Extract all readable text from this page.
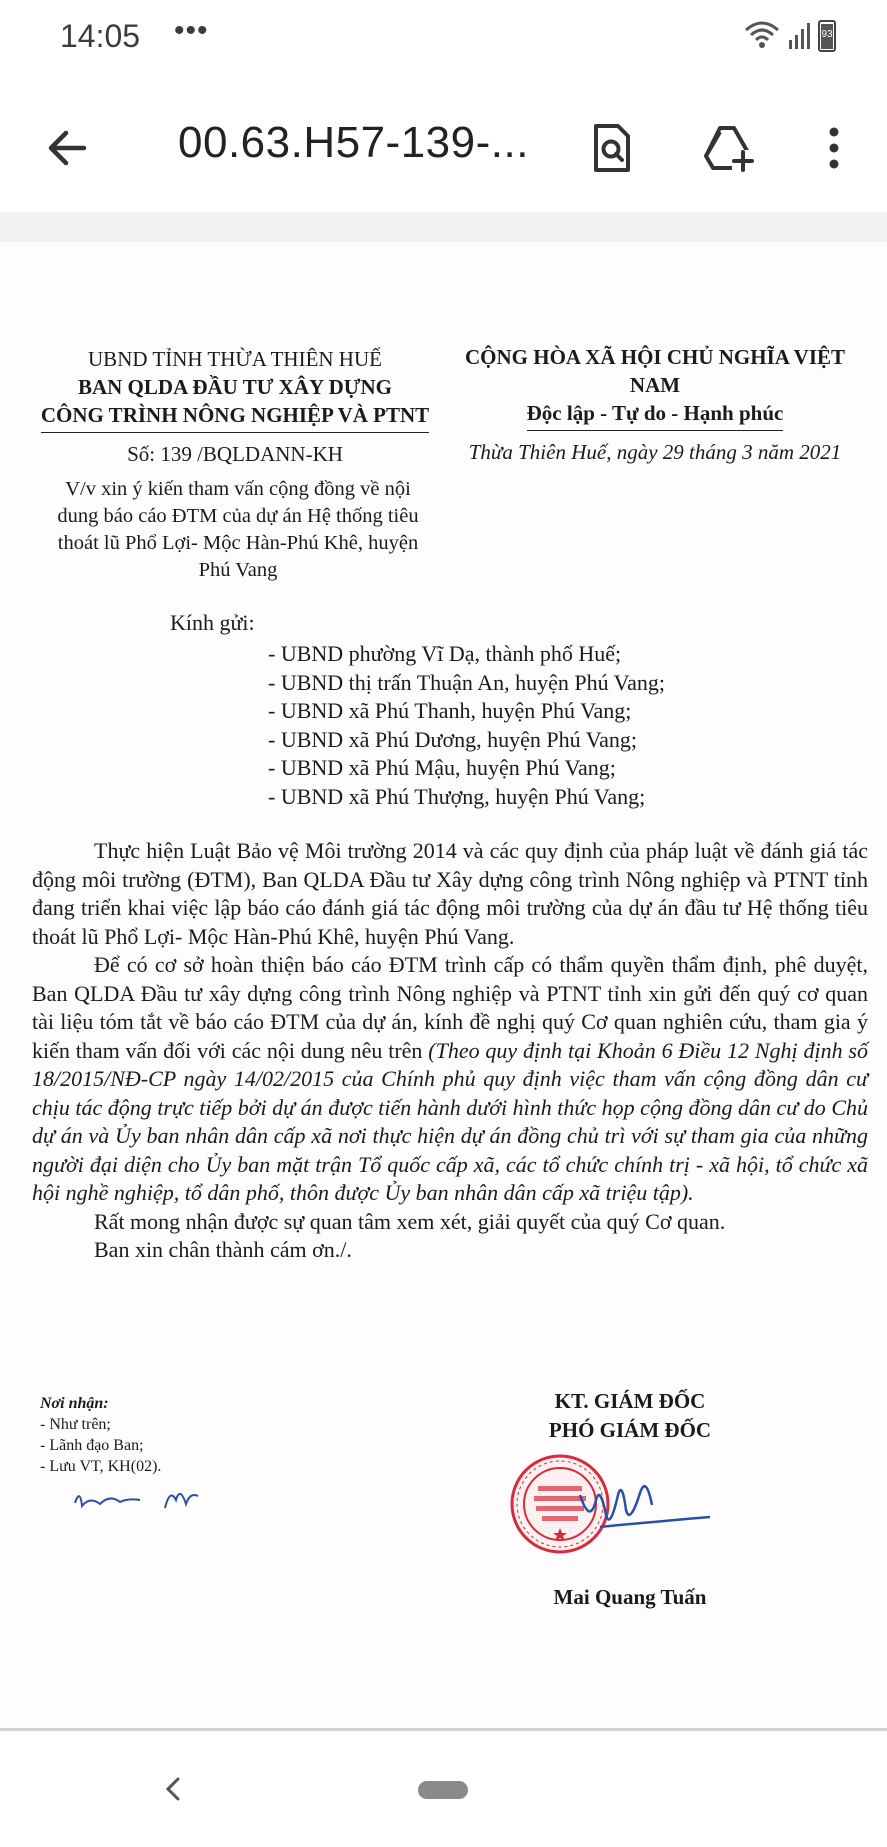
14:05 •••	93
00.63.H57-139-...
UBND TỈNH THỪA THIÊN HUẾ
BAN QLDA ĐẦU TƯ XÂY DỰNG
CÔNG TRÌNH NÔNG NGHIỆP VÀ PTNT
CỘNG HÒA XÃ HỘI CHỦ NGHĨA VIỆT NAM
Độc lập - Tự do - Hạnh phúc
Số: 139 /BQLDANN-KH	Thừa Thiên Huế, ngày 29 tháng 3 năm 2021
V/v xin ý kiến tham vấn cộng đồng về nội
dung báo cáo ĐTM của dự án Hệ thống tiêu
thoát lũ Phổ Lợi- Mộc Hàn-Phú Khê, huyện
Phú Vang
Kính gửi:
- UBND phường Vĩ Dạ, thành phố Huế;
- UBND thị trấn Thuận An, huyện Phú Vang;
- UBND xã Phú Thanh, huyện Phú Vang;
- UBND xã Phú Dương, huyện Phú Vang;
- UBND xã Phú Mậu, huyện Phú Vang;
- UBND xã Phú Thượng, huyện Phú Vang;

Thực hiện Luật Bảo vệ Môi trường 2014 và các quy định của pháp luật về đánh giá tác động môi trường (ĐTM), Ban QLDA Đầu tư Xây dựng công trình Nông nghiệp và PTNT tỉnh đang triển khai việc lập báo cáo đánh giá tác động môi trường của dự án đầu tư Hệ thống tiêu thoát lũ Phổ Lợi- Mộc Hàn-Phú Khê, huyện Phú Vang.

Để có cơ sở hoàn thiện báo cáo ĐTM trình cấp có thẩm quyền thẩm định, phê duyệt, Ban QLDA Đầu tư xây dựng công trình Nông nghiệp và PTNT tỉnh xin gửi đến quý cơ quan tài liệu tóm tắt về báo cáo ĐTM của dự án, kính đề nghị quý Cơ quan nghiên cứu, tham gia ý kiến tham vấn đối với các nội dung nêu trên (Theo quy định tại Khoản 6 Điều 12 Nghị định số 18/2015/NĐ-CP ngày 14/02/2015 của Chính phủ quy định việc tham vấn cộng đồng dân cư chịu tác động trực tiếp bởi dự án được tiến hành dưới hình thức họp cộng đồng dân cư do Chủ dự án và Ủy ban nhân dân cấp xã nơi thực hiện dự án đồng chủ trì với sự tham gia của những người đại diện cho Ủy ban mặt trận Tổ quốc cấp xã, các tổ chức chính trị - xã hội, tổ chức xã hội nghề nghiệp, tổ dân phố, thôn được Ủy ban nhân dân cấp xã triệu tập).

Rất mong nhận được sự quan tâm xem xét, giải quyết của quý Cơ quan.

Ban xin chân thành cám ơn./.

Nơi nhận:
- Như trên;
- Lãnh đạo Ban;
- Lưu VT, KH(02).
KT. GIÁM ĐỐC
PHÓ GIÁM ĐỐC
Mai Quang Tuấn
